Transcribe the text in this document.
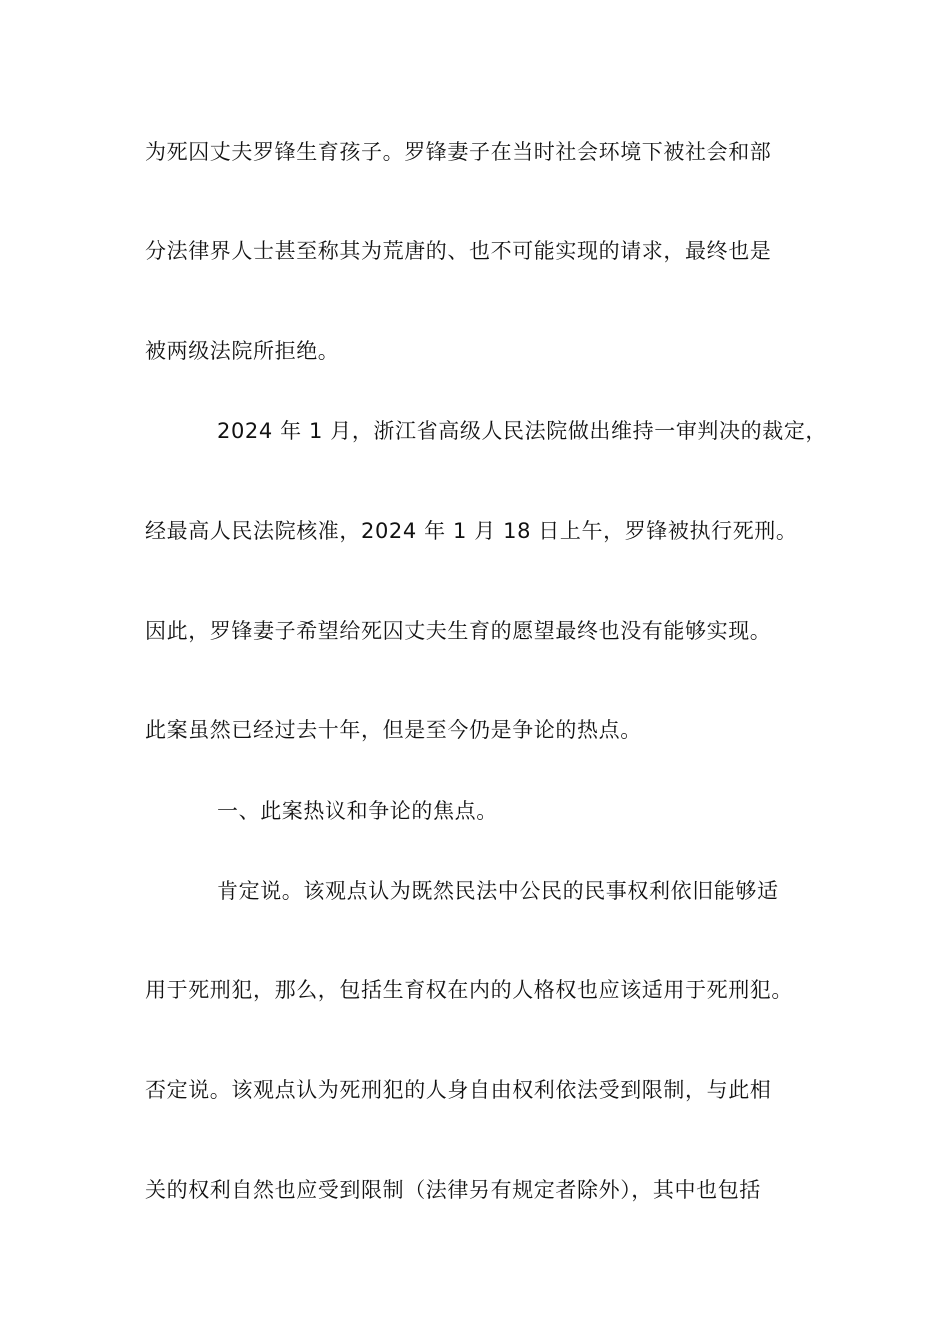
为死囚丈夫罗锋生育孩子。罗锋妻子在当时社会环境下被社会和部
分法律界人士甚至称其为荒唐的、也不可能实现的请求，最终也是
被两级法院所拒绝。
2024 年 1 月，浙江省高级人民法院做出维持一审判决的裁定，
经最高人民法院核准，2024 年 1 月 18 日上午，罗锋被执行死刑。
因此，罗锋妻子希望给死囚丈夫生育的愿望最终也没有能够实现。
此案虽然已经过去十年，但是至今仍是争论的热点。
一、此案热议和争论的焦点。
肯定说。该观点认为既然民法中公民的民事权利依旧能够适
用于死刑犯，那么，包括生育权在内的人格权也应该适用于死刑犯。
否定说。该观点认为死刑犯的人身自由权利依法受到限制，与此相
关的权利自然也应受到限制（法律另有规定者除外），其中也包括
